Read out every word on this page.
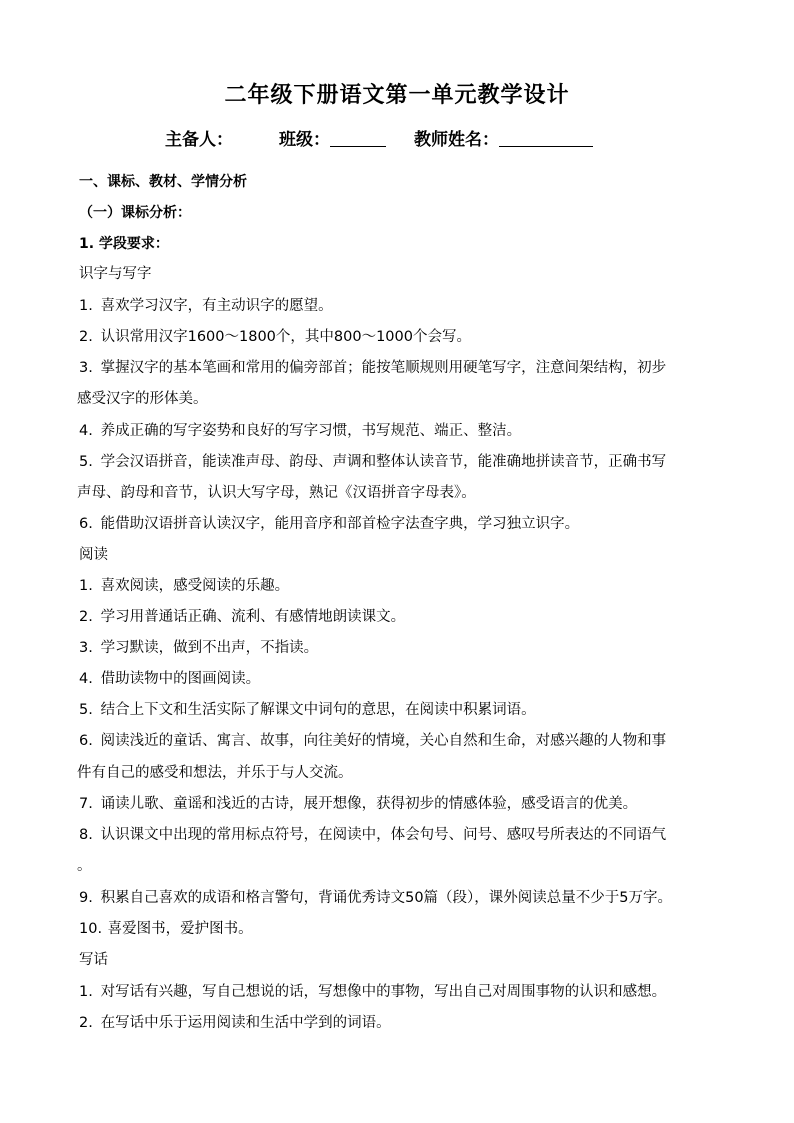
二年级下册语文第一单元教学设计
主备人：	班级：	教师姓名：
一、课标、教材、学情分析
（一）课标分析：
1. 学段要求：
识字与写字
1. 喜欢学习汉字，有主动识字的愿望。
2. 认识常用汉字1600～1800个，其中800～1000个会写。
3. 掌握汉字的基本笔画和常用的偏旁部首；能按笔顺规则用硬笔写字，注意间架结构，初步
感受汉字的形体美。
4. 养成正确的写字姿势和良好的写字习惯，书写规范、端正、整洁。
5. 学会汉语拼音，能读准声母、韵母、声调和整体认读音节，能准确地拼读音节，正确书写
声母、韵母和音节，认识大写字母，熟记《汉语拼音字母表》。
6. 能借助汉语拼音认读汉字，能用音序和部首检字法查字典，学习独立识字。
阅读
1. 喜欢阅读，感受阅读的乐趣。
2. 学习用普通话正确、流利、有感情地朗读课文。
3. 学习默读，做到不出声，不指读。
4. 借助读物中的图画阅读。
5. 结合上下文和生活实际了解课文中词句的意思，在阅读中积累词语。
6. 阅读浅近的童话、寓言、故事，向往美好的情境，关心自然和生命，对感兴趣的人物和事
件有自己的感受和想法，并乐于与人交流。
7. 诵读儿歌、童谣和浅近的古诗，展开想像，获得初步的情感体验，感受语言的优美。
8. 认识课文中出现的常用标点符号，在阅读中，体会句号、问号、感叹号所表达的不同语气
。
9. 积累自己喜欢的成语和格言警句，背诵优秀诗文50篇（段），课外阅读总量不少于5万字。
10. 喜爱图书，爱护图书。
写话
1. 对写话有兴趣，写自己想说的话，写想像中的事物，写出自己对周围事物的认识和感想。
2. 在写话中乐于运用阅读和生活中学到的词语。
